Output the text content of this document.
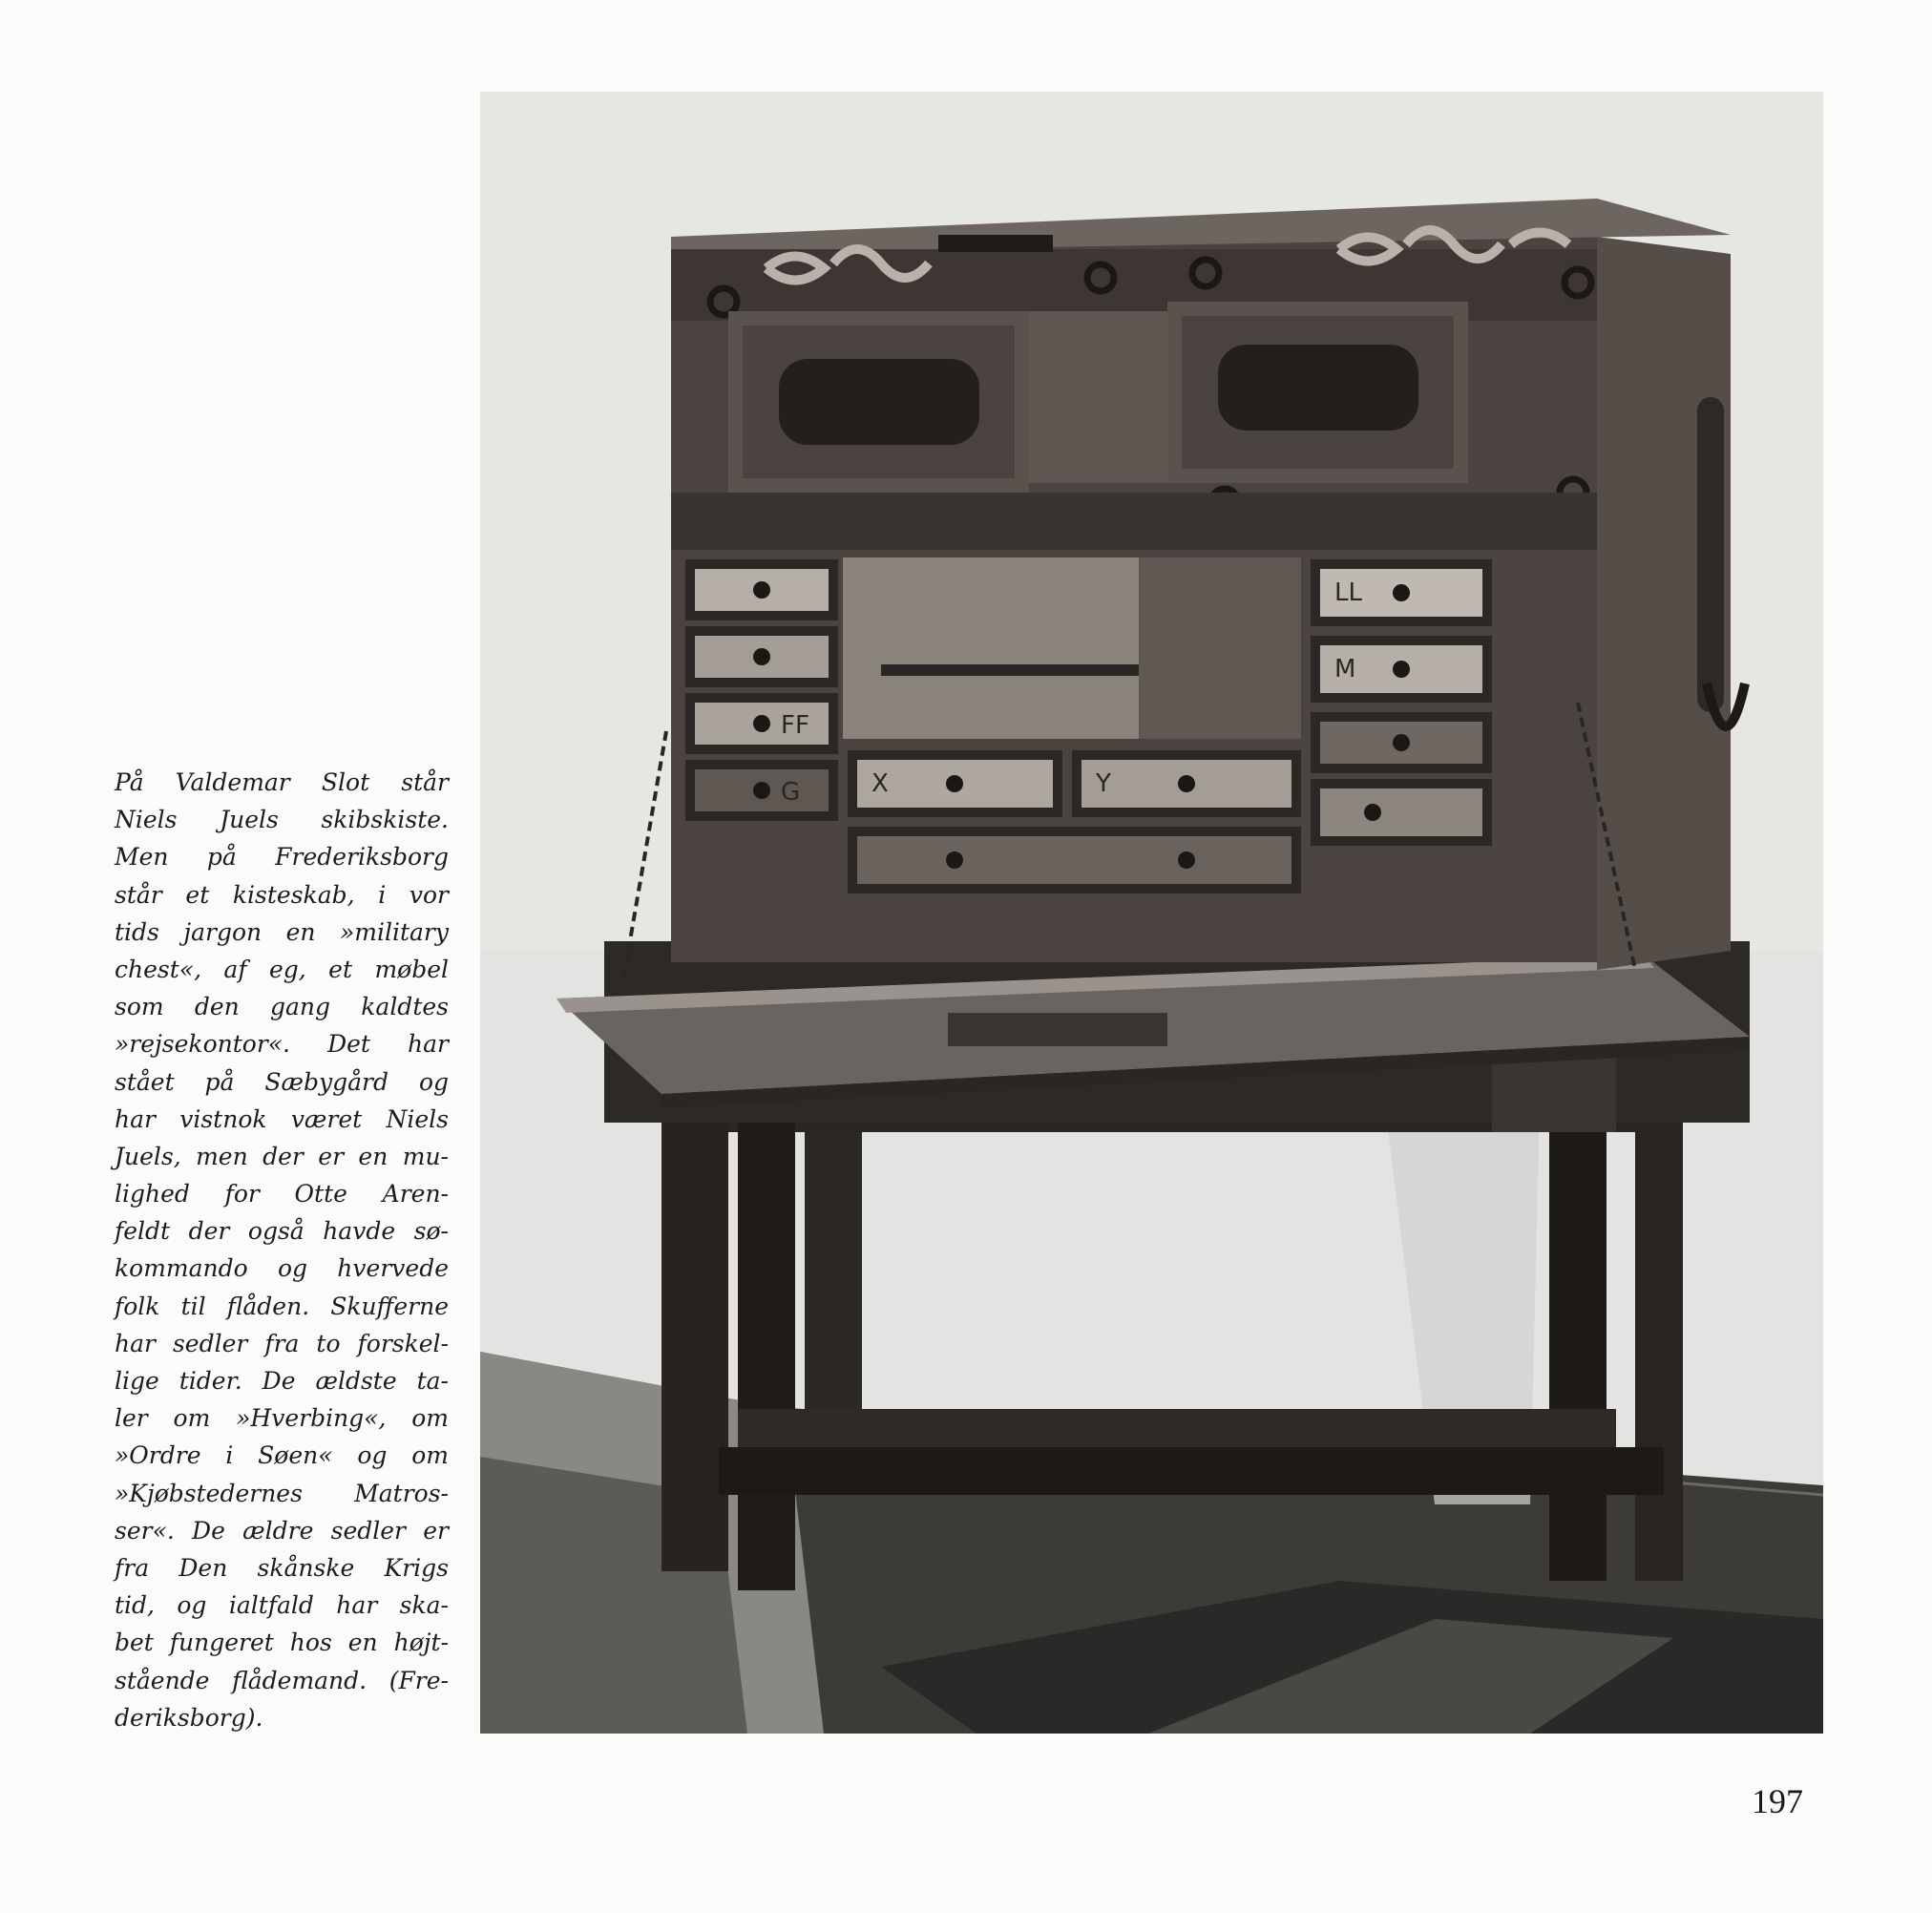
På Valdemar Slot står
Niels Juels skibskiste.
Men på Frederiksborg
står et kisteskab, i vor
tids jargon en »military
chest«, af eg, et møbel
som den gang kaldtes
»rejsekontor«. Det har
stået på Sæbygård og
har vistnok været Niels
Juels, men der er en mu-
lighed for Otte Aren-
feldt der også havde sø-
kommando og hvervede
folk til flåden. Skufferne
har sedler fra to forskel-
lige tider. De ældste ta-
ler om »Hverbing«, om
»Ordre i Søen« og om
»Kjøbstedernes Matros-
ser«. De ældre sedler er
fra Den skånske Krigs
tid, og ialtfald har ska-
bet fungeret hos en højt-
stående flådemand. (Fre-
deriksborg).
LL
M
FF
X	Y
G
197
